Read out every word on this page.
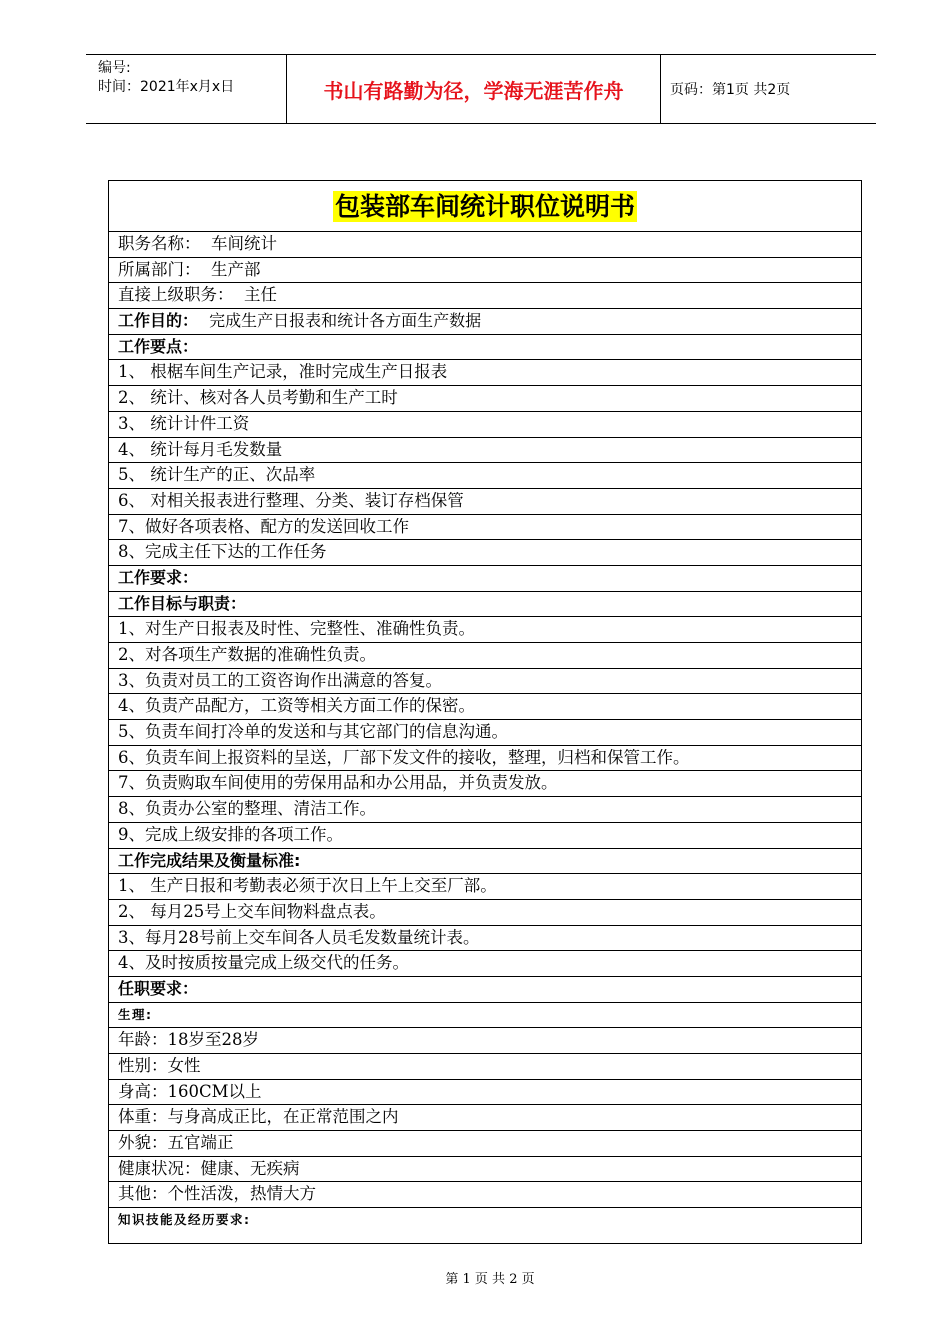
编号:
时间：2021年x月x日	书山有路勤为径，学海无涯苦作舟	页码：第1页 共2页
包装部车间统计职位说明书
职务名称： 车间统计
所属部门： 生产部
直接上级职务： 主任
工作目的： 完成生产日报表和统计各方面生产数据
工作要点：
1、 根椐车间生产记录，准时完成生产日报表
2、 统计、核对各人员考勤和生产工时
3、 统计计件工资
4、 统计每月毛发数量
5、 统计生产的正、次品率
6、 对相关报表进行整理、分类、装订存档保管
7、做好各项表格、配方的发送回收工作
8、完成主任下达的工作任务
工作要求：
工作目标与职责：
1、对生产日报表及时性、完整性、准确性负责。
2、对各项生产数据的准确性负责。
3、负责对员工的工资咨询作出满意的答复。
4、负责产品配方，工资等相关方面工作的保密。
5、负责车间打冷单的发送和与其它部门的信息沟通。
6、负责车间上报资料的呈送，厂部下发文件的接收，整理，归档和保管工作。
7、负责购取车间使用的劳保用品和办公用品，并负责发放。
8、负责办公室的整理、清洁工作。
9、完成上级安排的各项工作。
工作完成结果及衡量标准:
1、 生产日报和考勤表必须于次日上午上交至厂部。
2、 每月25号上交车间物料盘点表。
3、每月28号前上交车间各人员毛发数量统计表。
4、及时按质按量完成上级交代的任务。
任职要求：
生理:
年龄：18岁至28岁
性别：女性
身高：160CM以上
体重：与身高成正比，在正常范围之内
外貌：五官端正
健康状况：健康、无疾病
其他：个性活泼，热情大方
知识技能及经历要求:
第 1 页 共 2 页
